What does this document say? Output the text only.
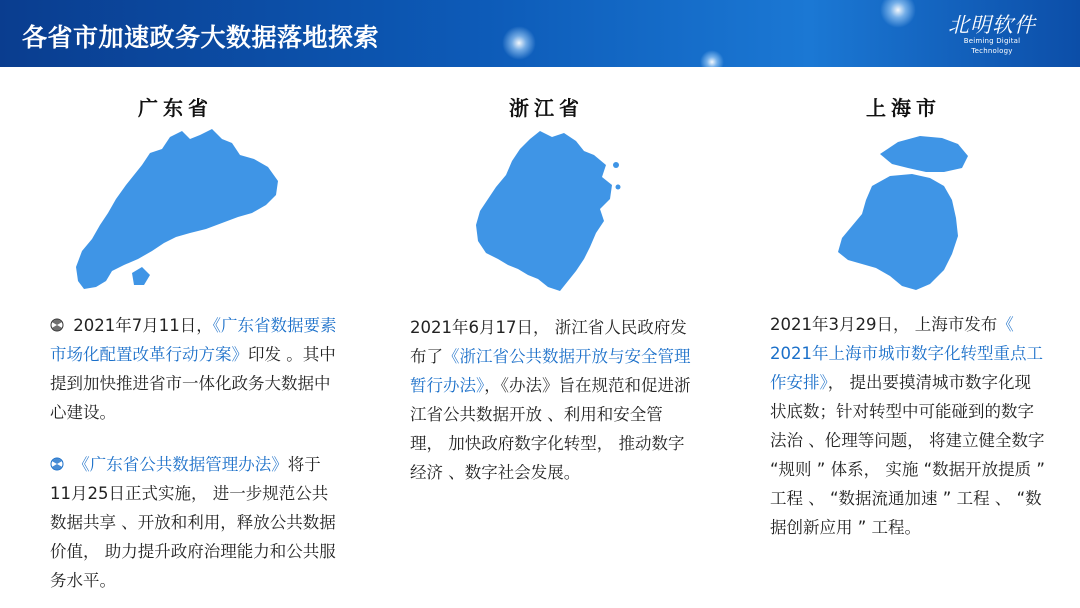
各省市加速政务大数据落地探索	北明软件
Beiming Digital Technology
广东省	浙江省	上海市
2021年7月11日，《广东省数据要素市场化配置改革行动方案》印发 。其中提到加快推进省市一体化政务大数据中心建设。
《广东省公共数据管理办法》将于11月25日正式实施， 进一步规范公共数据共享 、开放和利用，释放公共数据价值， 助力提升政府治理能力和公共服务水平。
2021年6月17日， 浙江省人民政府发布了《浙江省公共数据开放与安全管理暂行办法》，《办法》旨在规范和促进浙江省公共数据开放 、利用和安全管理， 加快政府数字化转型， 推动数字经济 、数字社会发展。
2021年3月29日， 上海市发布《 2021年上海市城市数字化转型重点工作安排》， 提出要摸清城市数字化现状底数；针对转型中可能碰到的数字法治 、伦理等问题， 将建立健全数字 “规则 ” 体系， 实施 “数据开放提质 ” 工程 、 “数据流通加速 ” 工程 、 “数据创新应用 ” 工程。
